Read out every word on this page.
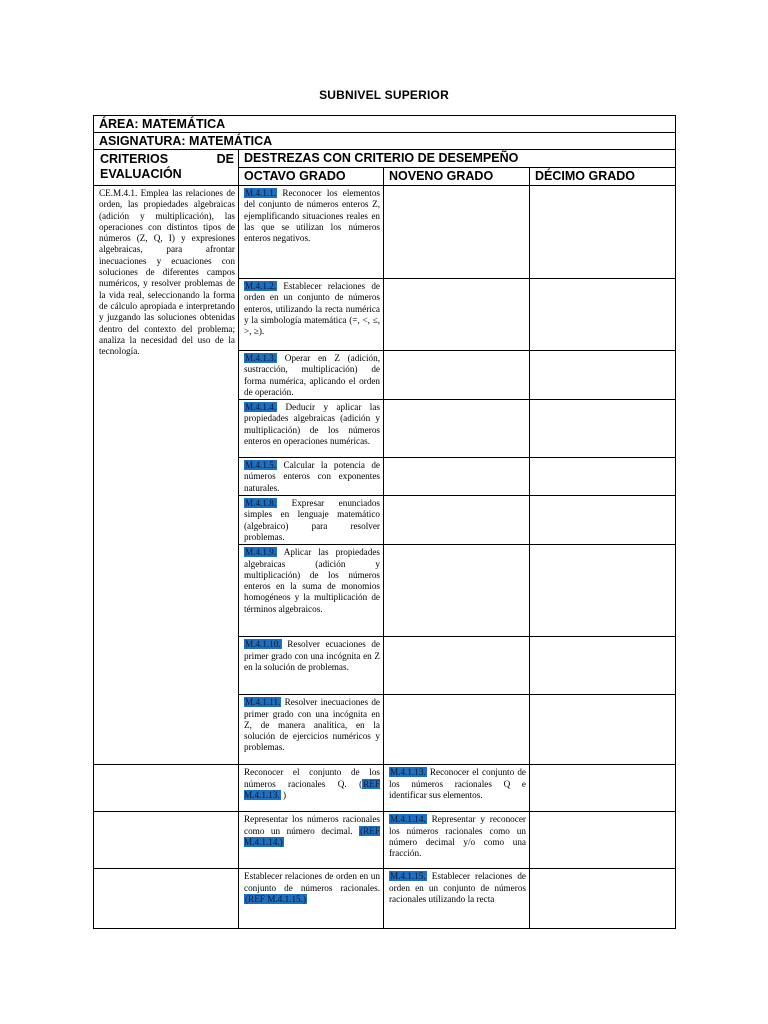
SUBNIVEL SUPERIOR
ÁREA: MATEMÁTICA			
ASIGNATURA: MATEMÁTICA			

CRITERIOS DE
EVALUACIÓN	DESTREZAS CON CRITERIO DE DESEMPEÑO		
	OCTAVO GRADO	NOVENO GRADO	DÉCIMO GRADO
CE.M.4.1. Emplea las relaciones de orden, las propiedades algebraicas (adición y multiplicación), las operaciones con distintos tipos de números (Z, Q, I) y expresiones algebraicas, para afrontar inecuaciones y ecuaciones con soluciones de diferentes campos numéricos, y resolver problemas de la vida real, seleccionando la forma de cálculo apropiada e interpretando y juzgando las soluciones obtenidas dentro del contexto del problema; analiza la necesidad del uso de la tecnología.	M.4.1.1. Reconocer los elementos del conjunto de números enteros Z, ejemplificando situaciones reales en las que se utilizan los números enteros negativos.		
	M.4.1.2. Establecer relaciones de orden en un conjunto de números enteros, utilizando la recta numérica y la simbología matemática (=, <, ≤, >, ≥).		
	M.4.1.3. Operar en Z (adición, sustracción, multiplicación) de forma numérica, aplicando el orden de operación.		
	M.4.1.4. Deducir y aplicar las propiedades algebraicas (adición y multiplicación) de los números enteros en operaciones numéricas.		
	M.4.1.5. Calcular la potencia de números enteros con exponentes naturales.		
	M.4.1.8. Expresar enunciados simples en lenguaje matemático (algebraico) para resolver problemas.		
	M.4.1.9. Aplicar las propiedades algebraicas (adición y multiplicación) de los números enteros en la suma de monomios homogéneos y la multiplicación de términos algebraicos.		
	M.4.1.10. Resolver ecuaciones de primer grado con una incógnita en Z en la solución de problemas.		
	M.4.1.11. Resolver inecuaciones de primer grado con una incógnita en Z, de manera analítica, en la solución de ejercicios numéricos y problemas.		
	Reconocer el conjunto de los números racionales Q. (REF M.4.1.13. )	M.4.1.13. Reconocer el conjunto de los números racionales Q e identificar sus elementos.	
	Representar los números racionales como un número decimal. (REF M.4.1.14.)	M.4.1.14. Representar y reconocer los números racionales como un número decimal y/o como una fracción.	
	Establecer relaciones de orden en un conjunto de números racionales. (REF M.4.1.15.)	M.4.1.15. Establecer relaciones de orden en un conjunto de números racionales utilizando la recta	
